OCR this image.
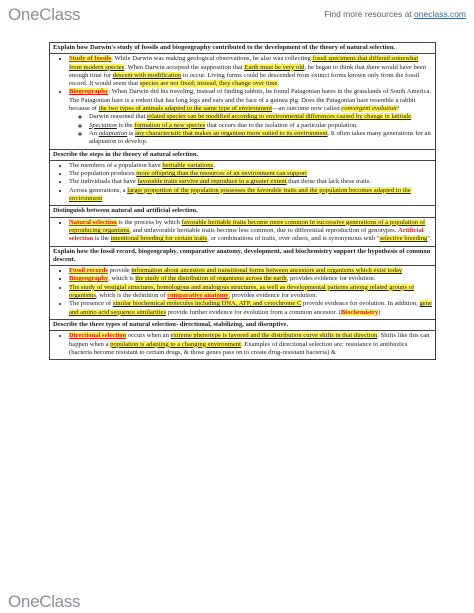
OneClass	Find more resources at oneclass.com
Explain how Darwin's study of fossils and biogeography contributed to the development of the theory of natural selection.
• Study of fossils: While Darwin was making geological observations, he also was collecting fossil specimens that differed somewhat from modern species. When Darwin accepted the supposition that Earth must be very old, he began to think that there would have been enough time for descent with modification to occur. Living forms could be descended from extinct forms known only from the fossil record. It would seem that species are not fixed; instead, they change over time.
• Biogeography: When Darwin did his traveling, instead of finding rabbits, he found Patagonian hares in the grasslands of South America. The Patagonian hare is a rodent that has long legs and ears and the face of a guinea pig. Does the Patagonian hare resemble a rabbit because of the two types of animals adapted to the same type of environment—an outcome now called convergent evolution?
◦ Darwin reasoned that related species can be modified according to environmental differences caused by change in latitude.
◦ Speciation is the formation of a new species that occurs due to the isolation of a particular population.
◦ An adaptation is any characteristic that makes an organism more suited to its environment. It often takes many generations for an adaptation to develop.
Describe the steps in the theory of natural selection.
• The members of a population have heritable variations.
• The population produces more offspring than the resources of an environment can support
• The individuals that have favorable traits survive and reproduce to a greater extent than those that lack these traits.
• Across generations, a larger proportion of the population possesses the favorable traits and the population becomes adapted to the environment
Distinguish between natural and artificial selection.
• Natural selection is the process by which favorable heritable traits become more common in successive generations of a population of reproducing organisms, and unfavorable heritable traits become less common, due to differential reproduction of genotypes. Artificial selection is the intentional breeding for certain traits, or combinations of traits, over others, and is synonymous with "selective breeding".
Explain how the fossil record, biogeography, comparative anatomy, development, and biochemistry support the hypothesis of common descent.
• Fossil records provide information about ancestors and transitional forms between ancestors and organisms which exist today
• Biogeography, which is the study of the distribution of organisms across the earth, provides evidence for evolution.
• The study of vestigial structures, homologous and analogous structures, as well as developmental patterns among related groups of organisms, which is the definition of comparative anatomy, provides evidence for evolution.
• The presence of similar biochemical molecules including DNA, ATP, and cytochrome C provide evidence for evolution. In addition, gene and amino acid sequence similarities provide further evidence for evolution from a common ancestor. (Biochemistry)
Describe the three types of natural selection- directional, stabilizing, and disruptive.
• Directional selection occurs when an extreme phenotype is favored and the distribution curve shifts in that direction. Shifts like this can happen when a population is adapting to a changing environment. Examples of directional selection are: resistance to antibiotics (bacteria become resistant to certain drugs, & those genes pass on to create drug-resistant bacteria) &
OneClass
